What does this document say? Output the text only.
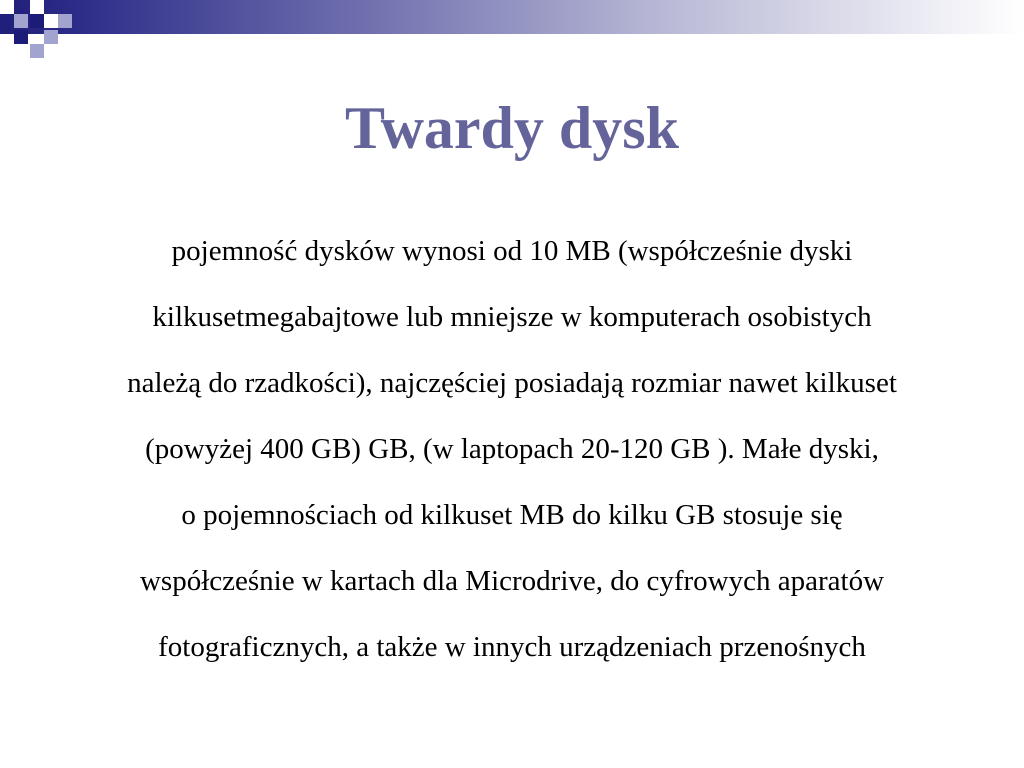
Twardy dysk
pojemność dysków wynosi od 10 MB (współcześnie dyski
kilkusetmegabajtowe lub mniejsze w komputerach osobistych
należą do rzadkości), najczęściej posiadają rozmiar nawet kilkuset
(powyżej 400 GB) GB, (w laptopach 20-120 GB ). Małe dyski,
o pojemnościach od kilkuset MB do kilku GB stosuje się
współcześnie w kartach dla Microdrive, do cyfrowych aparatów
fotograficznych, a także w innych urządzeniach przenośnych
